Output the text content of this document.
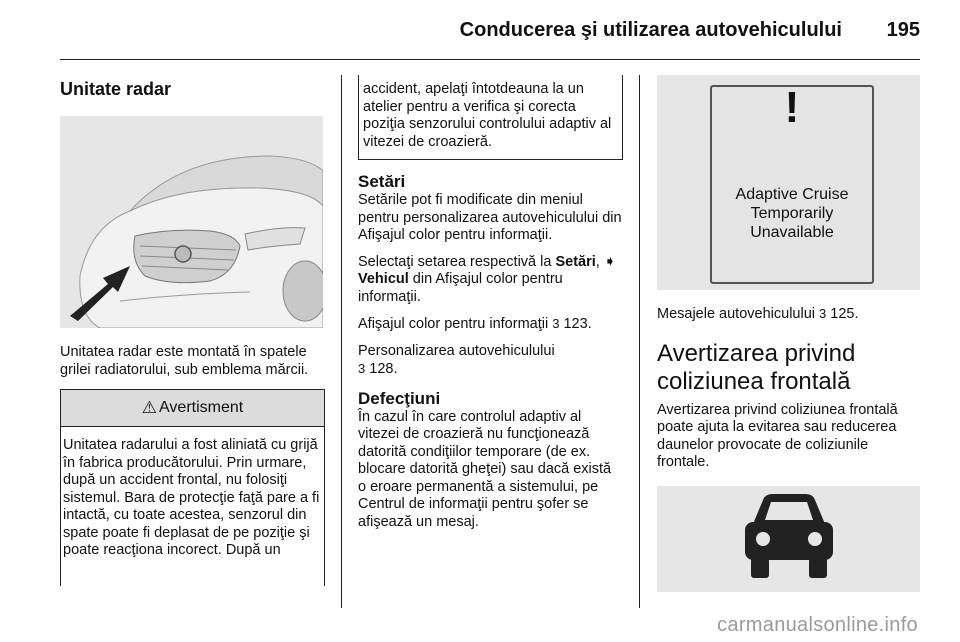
Conducerea şi utilizarea autovehiculului 195
Unitate radar

Unitatea radar este montată în spatele grilei radiatorului, sub emblema mărcii.

⚠ Avertisment
Unitatea radarului a fost aliniată cu grijă în fabrica producătorului. Prin urmare, după un accident frontal, nu folosiţi sistemul. Bara de protecţie faţă pare a fi intactă, cu toate acestea, senzorul din spate poate fi deplasat de pe poziţie şi poate reacţiona incorect. După un
accident, apelaţi întotdeauna la un atelier pentru a verifica şi corecta poziţia senzorului controlului adaptiv al vitezei de croazieră.
Setări

Setările pot fi modificate din meniul pentru personalizarea autovehiculului din Afişajul color pentru informaţii.

Selectaţi setarea respectivă la Setări, ➧ Vehicul din Afişajul color pentru informaţii.

Afişajul color pentru informaţii 3 123.

Personalizarea autovehiculului
3 128.

Defecţiuni

În cazul în care controlul adaptiv al vitezei de croazieră nu funcţionează datorită condiţiilor temporare (de ex. blocare datorită gheţei) sau dacă există o eroare permanentă a sistemului, pe Centrul de informaţii pentru şofer se afişează un mesaj.

!
Adaptive Cruise
Temporarily
Unavailable

Mesajele autovehiculului 3 125.

Avertizarea privind coliziunea frontală

Avertizarea privind coliziunea frontală poate ajuta la evitarea sau reducerea daunelor provocate de coliziunile frontale.

carmanualsonline.info
